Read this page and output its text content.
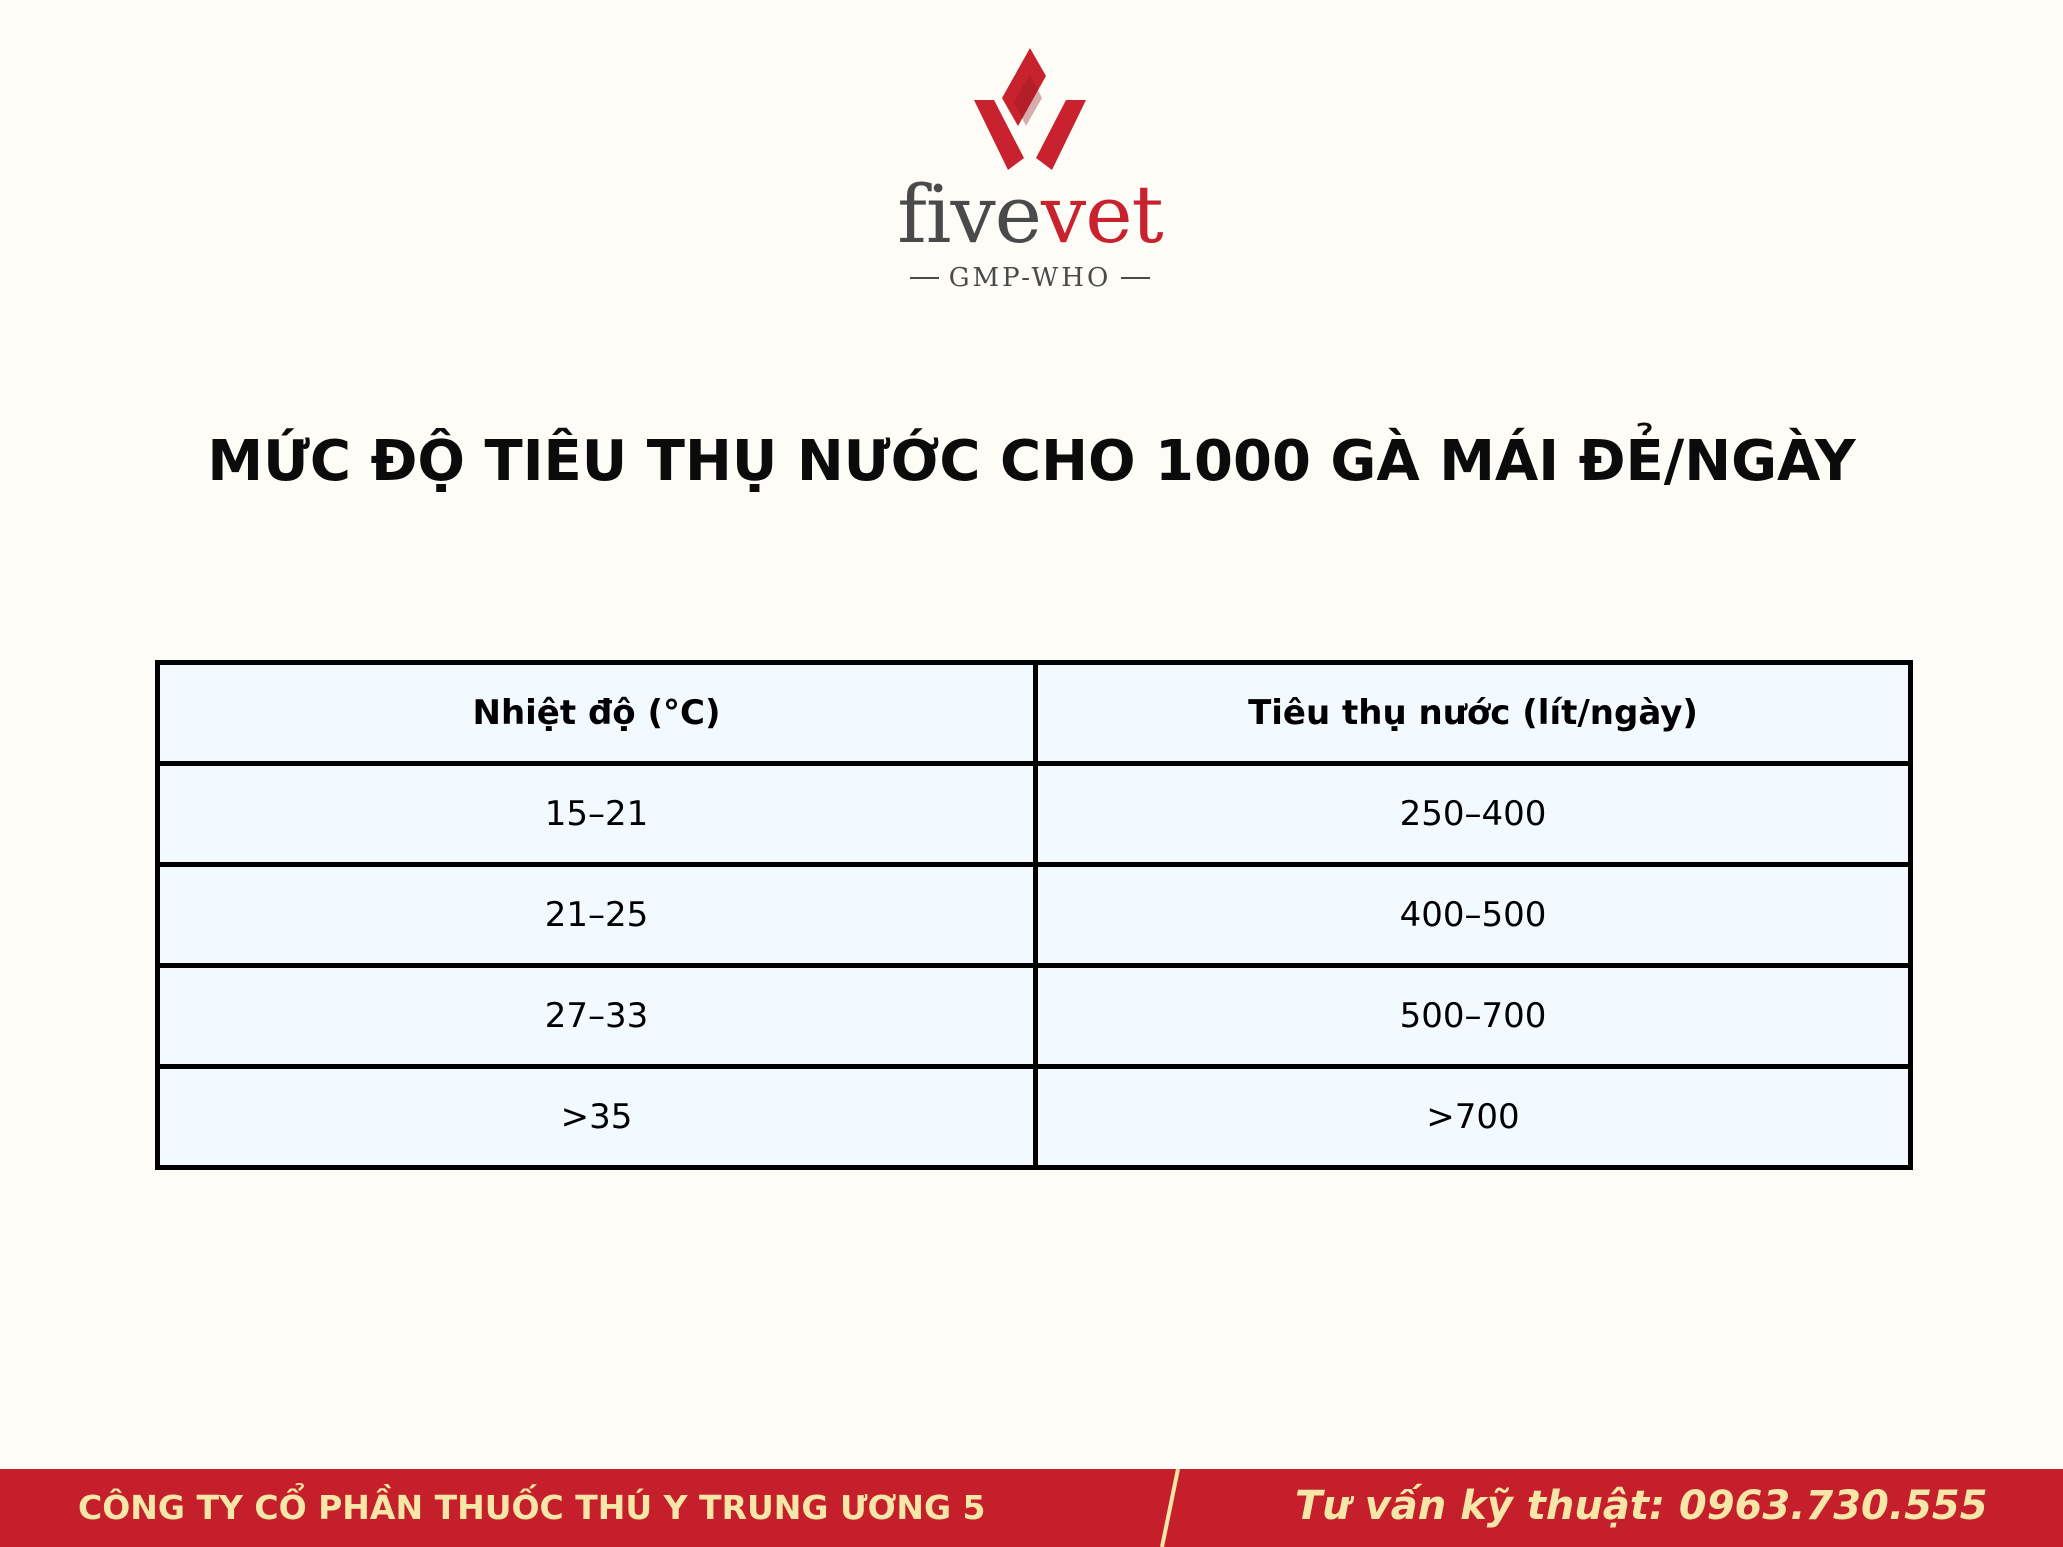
fivevet
GMP-WHO
MỨC ĐỘ TIÊU THỤ NƯỚC CHO 1000 GÀ MÁI ĐẺ/NGÀY
Nhiệt độ (°C)	Tiêu thụ nước (lít/ngày)
15–21	250–400
21–25	400–500
27–33	500–700
>35	>700
CÔNG TY CỔ PHẦN THUỐC THÚ Y TRUNG ƯƠNG 5	Tư vấn kỹ thuật: 0963.730.555
